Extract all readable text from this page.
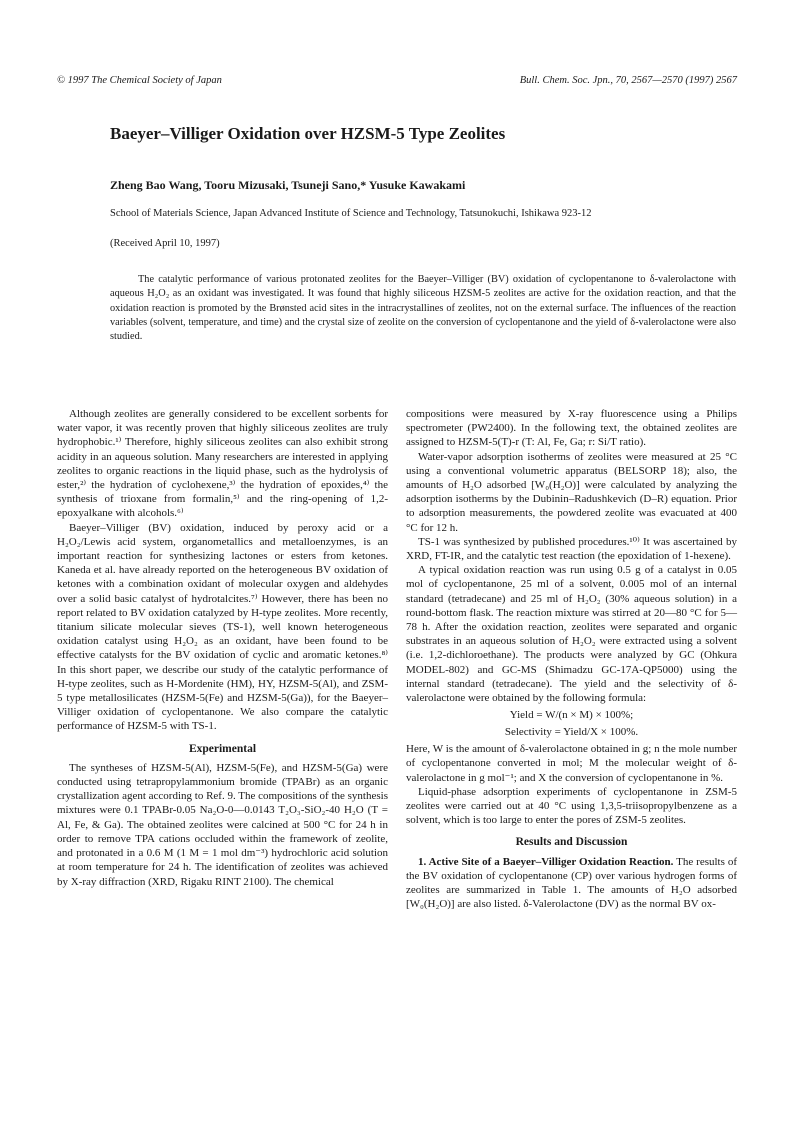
© 1997 The Chemical Society of Japan	Bull. Chem. Soc. Jpn., 70, 2567—2570 (1997) 2567
Baeyer–Villiger Oxidation over HZSM-5 Type Zeolites
Zheng Bao Wang, Tooru Mizusaki, Tsuneji Sano,* Yusuke Kawakami
School of Materials Science, Japan Advanced Institute of Science and Technology, Tatsunokuchi, Ishikawa 923-12
(Received April 10, 1997)

The catalytic performance of various protonated zeolites for the Baeyer–Villiger (BV) oxidation of cyclopentanone to δ-valerolactone with aqueous H₂O₂ as an oxidant was investigated. It was found that highly siliceous HZSM-5 zeolites are active for the oxidation reaction, and that the oxidation reaction is promoted by the Brønsted acid sites in the intracrystallines of zeolites, not on the external surface. The influences of the reaction variables (solvent, temperature, and time) and the crystal size of zeolite on the conversion of cyclopentanone and the yield of δ-valerolactone were also studied.

Although zeolites are generally considered to be excellent sorbents for water vapor, it was recently proven that highly siliceous zeolites are truly hydrophobic.¹⁾ Therefore, highly siliceous zeolites can also exhibit strong acidity in an aqueous solution. Many researchers are interested in applying zeolites to organic reactions in the liquid phase, such as the hydrolysis of ester,²⁾ the hydration of cyclohexene,³⁾ the hydration of epoxides,⁴⁾ the synthesis of trioxane from formalin,⁵⁾ and the ring-opening of 1,2-epoxyalkane with alcohols.⁶⁾

Baeyer–Villiger (BV) oxidation, induced by peroxy acid or a H₂O₂/Lewis acid system, organometallics and metalloenzymes, is an important reaction for synthesizing lactones or esters from ketones. Kaneda et al. have already reported on the heterogeneous BV oxidation of ketones with a combination oxidant of molecular oxygen and aldehydes over a solid basic catalyst of hydrotalcites.⁷⁾ However, there has been no report related to BV oxidation catalyzed by H-type zeolites. More recently, titanium silicate molecular sieves (TS-1), well known heterogeneous oxidation catalyst using H₂O₂ as an oxidant, have been found to be effective catalysts for the BV oxidation of cyclic and aromatic ketones.⁸⁾ In this short paper, we describe our study of the catalytic performance of H-type zeolites, such as H-Mordenite (HM), HY, HZSM-5(Al), and ZSM-5 type metallosilicates (HZSM-5(Fe) and HZSM-5(Ga)), for the Baeyer–Villiger oxidation of cyclopentanone. We also compare the catalytic performance of HZSM-5 with TS-1.

Experimental

The syntheses of HZSM-5(Al), HZSM-5(Fe), and HZSM-5(Ga) were conducted using tetrapropylammonium bromide (TPABr) as an organic crystallization agent according to Ref. 9. The compositions of the synthesis mixtures were 0.1 TPABr-0.05 Na₂O-0—0.0143 T₂O₃-SiO₂-40 H₂O (T = Al, Fe, & Ga). The obtained zeolites were calcined at 500 °C for 24 h in order to remove TPA cations occluded within the framework of zeolite, and protonated in a 0.6 M (1 M = 1 mol dm⁻³) hydrochloric acid solution at room temperature for 24 h. The identification of zeolites was achieved by X-ray diffraction (XRD, Rigaku RINT 2100). The chemical

compositions were measured by X-ray fluorescence using a Philips spectrometer (PW2400). In the following text, the obtained zeolites are assigned to HZSM-5(T)-r (T: Al, Fe, Ga; r: Si/T ratio).

Water-vapor adsorption isotherms of zeolites were measured at 25 °C using a conventional volumetric apparatus (BELSORP 18); also, the amounts of H₂O adsorbed [W₀(H₂O)] were calculated by analyzing the adsorption isotherms by the Dubinin–Radushkevich (D–R) equation. Prior to adsorption measurements, the powdered zeolite was evacuated at 400 °C for 12 h.

TS-1 was synthesized by published procedures.¹⁰⁾ It was ascertained by XRD, FT-IR, and the catalytic test reaction (the epoxidation of 1-hexene).

A typical oxidation reaction was run using 0.5 g of a catalyst in 0.05 mol of cyclopentanone, 25 ml of a solvent, 0.005 mol of an internal standard (tetradecane) and 25 ml of H₂O₂ (30% aqueous solution) in a round-bottom flask. The reaction mixture was stirred at 20—80 °C for 5—78 h. After the oxidation reaction, zeolites were separated and organic substrates in an aqueous solution of H₂O₂ were extracted using a solvent (i.e. 1,2-dichloroethane). The products were analyzed by GC (Ohkura MODEL-802) and GC-MS (Shimadzu GC-17A-QP5000) using the internal standard (tetradecane). The yield and the selectivity of δ-valerolactone were obtained by the following formula:

Yield = W/(n × M) × 100%;
Selectivity = Yield/X × 100%.

Here, W is the amount of δ-valerolactone obtained in g; n the mole number of cyclopentanone converted in mol; M the molecular weight of δ-valerolactone in g mol⁻¹; and X the conversion of cyclopentanone in %.

Liquid-phase adsorption experiments of cyclopentanone in ZSM-5 zeolites were carried out at 40 °C using 1,3,5-triisopropylbenzene as a solvent, which is too large to enter the pores of ZSM-5 zeolites.

Results and Discussion

1. Active Site of a Baeyer–Villiger Oxidation Reaction. The results of the BV oxidation of cyclopentanone (CP) over various hydrogen forms of zeolites are summarized in Table 1. The amounts of H₂O adsorbed [W₀(H₂O)] are also listed. δ-Valerolactone (DV) as the normal BV ox-
